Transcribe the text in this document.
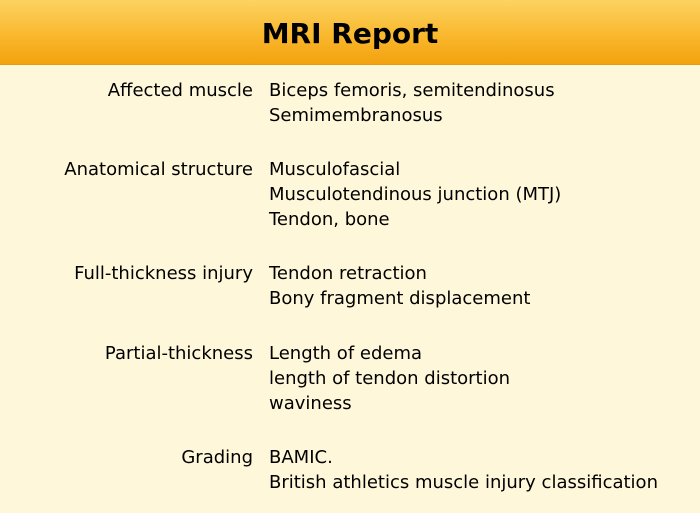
MRI Report
Affected muscle Biceps femoris, semitendinosus
Semimembranosus
Anatomical structure Musculofascial
Musculotendinous junction (MTJ)
Tendon, bone
Full-thickness injury Tendon retraction
Bony fragment displacement
Partial-thickness Length of edema
length of tendon distortion
waviness
Grading BAMIC.
British athletics muscle injury classification
